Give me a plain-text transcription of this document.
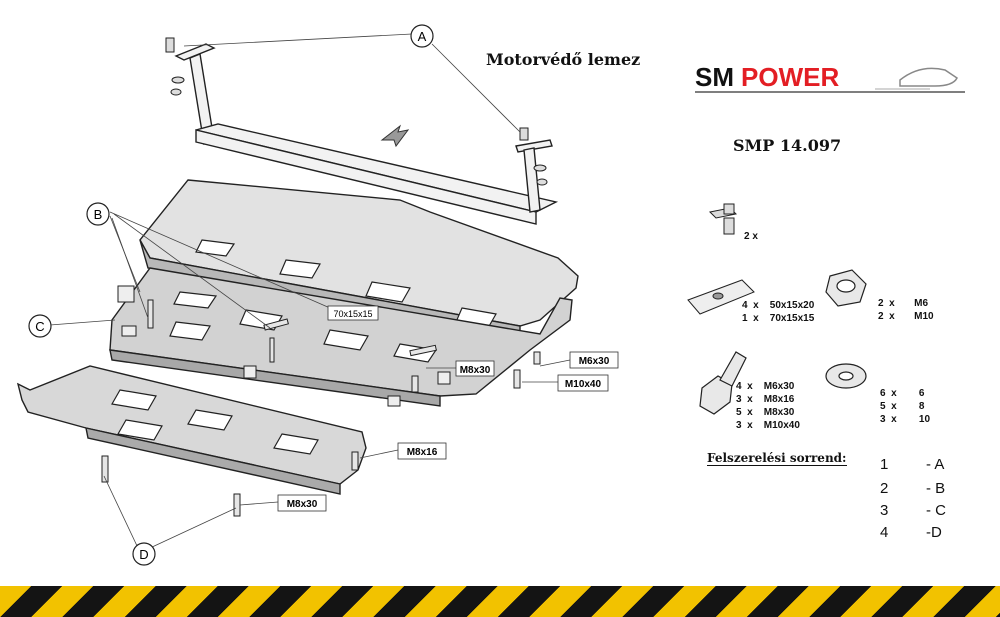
Motorvédő lemez
SM POWER
SMP 14.097
A
B
C
D
70x15x15
M8x30
M6x30
M10x40
M8x16
M8x30
2 x
4  x    50x15x20
1  x    70x15x15
2  x       M6
2  x       M10
4  x    M6x30
3  x    M8x16
5  x    M8x30
3  x    M10x40
6  x        6
5  x        8
3  x        10
Felszerelési sorrend: 1	- A
2	- B
3	- C
4	-D
